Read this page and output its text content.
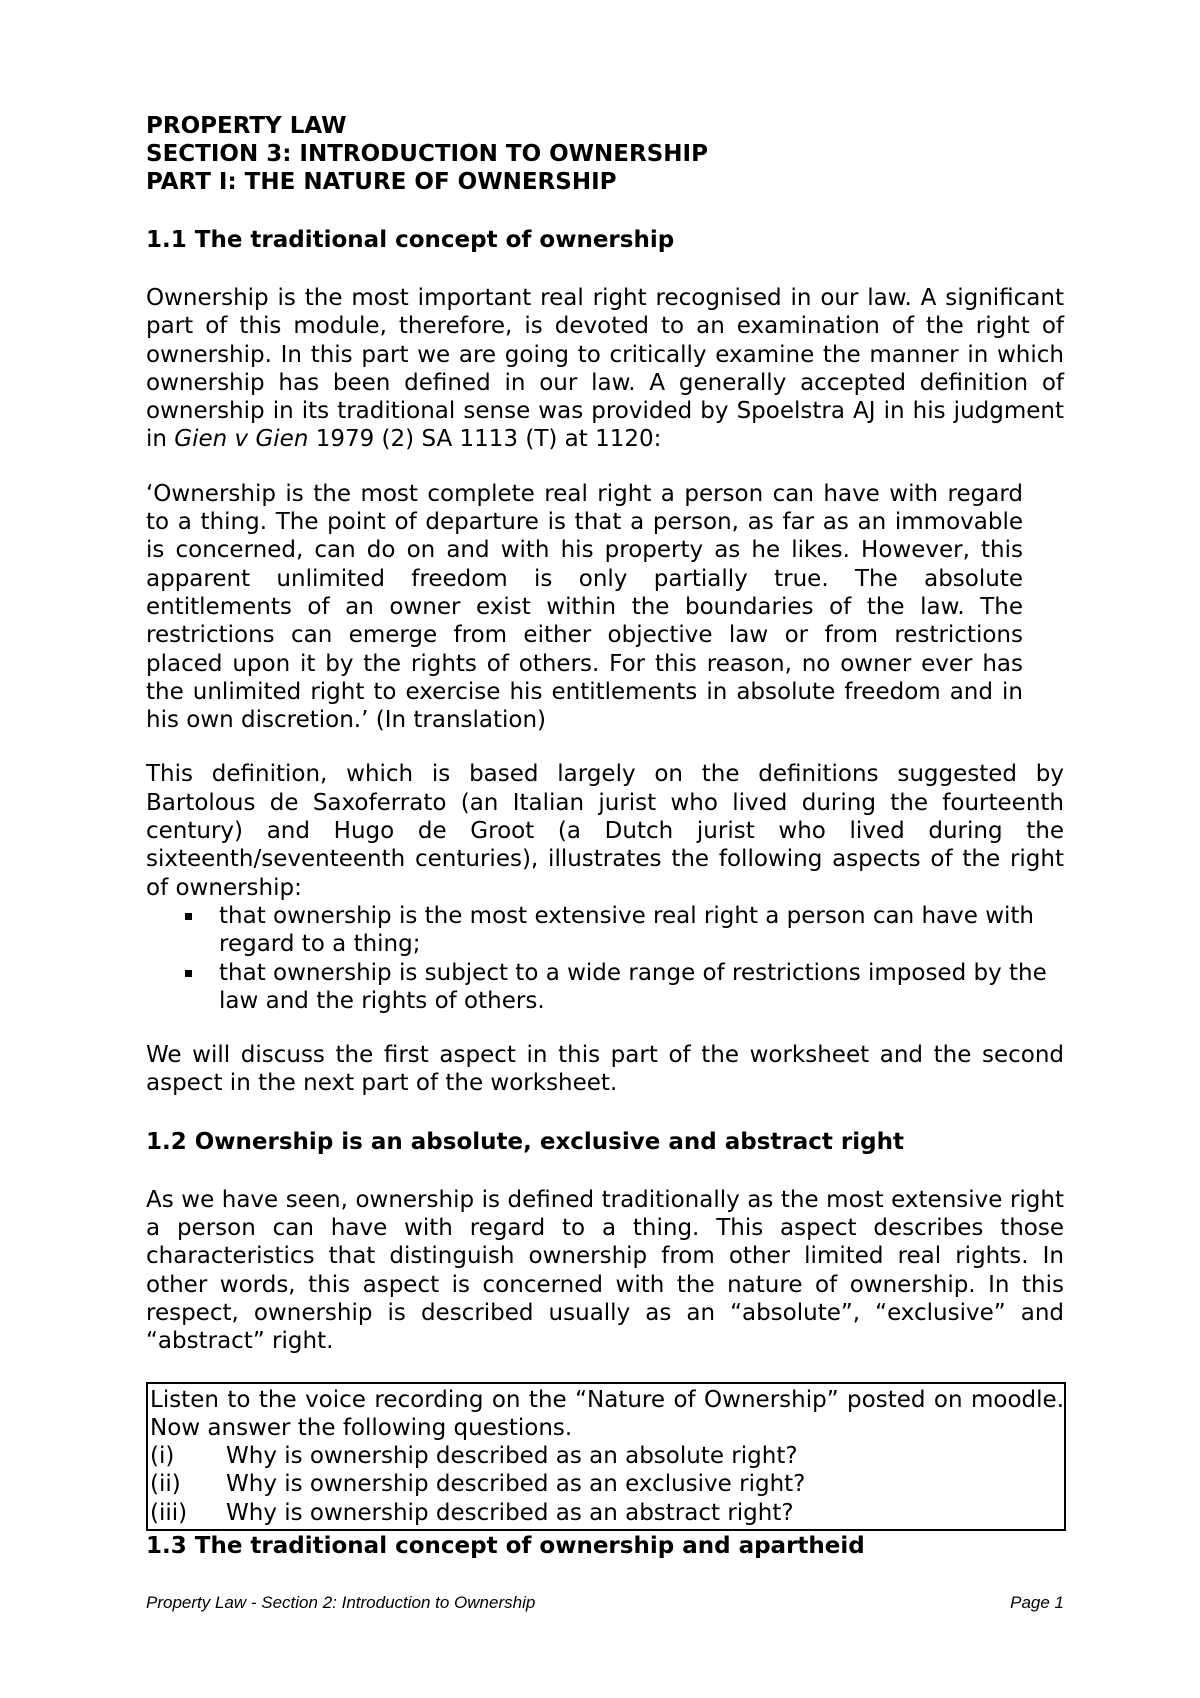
PROPERTY LAW
SECTION 3: INTRODUCTION TO OWNERSHIP
PART I: THE NATURE OF OWNERSHIP
1.1 The traditional concept of ownership

Ownership is the most important real right recognised in our law. A significant part of this module, therefore, is devoted to an examination of the right of ownership. In this part we are going to critically examine the manner in which ownership has been defined in our law. A generally accepted definition of ownership in its traditional sense was provided by Spoelstra AJ in his judgment in Gien v Gien 1979 (2) SA 1113 (T) at 1120:

‘Ownership is the most complete real right a person can have with regard to a thing. The point of departure is that a person, as far as an immovable is concerned, can do on and with his property as he likes. However, this apparent unlimited freedom is only partially true. The absolute entitlements of an owner exist within the boundaries of the law. The restrictions can emerge from either objective law or from restrictions placed upon it by the rights of others. For this reason, no owner ever has the unlimited right to exercise his entitlements in absolute freedom and in his own discretion.’ (In translation)

This definition, which is based largely on the definitions suggested by Bartolous de Saxoferrato (an Italian jurist who lived during the fourteenth century) and Hugo de Groot (a Dutch jurist who lived during the sixteenth/seventeenth centuries), illustrates the following aspects of the right of ownership:

that ownership is the most extensive real right a person can have with regard to a thing;
that ownership is subject to a wide range of restrictions imposed by the law and the rights of others.

We will discuss the first aspect in this part of the worksheet and the second aspect in the next part of the worksheet.

1.2 Ownership is an absolute, exclusive and abstract right

As we have seen, ownership is defined traditionally as the most extensive right a person can have with regard to a thing. This aspect describes those characteristics that distinguish ownership from other limited real rights. In other words, this aspect is concerned with the nature of ownership. In this respect, ownership is described usually as an “absolute”, “exclusive” and “abstract” right.

Listen to the voice recording on the “Nature of Ownership” posted on moodle. Now answer the following questions.

(i)	Why is ownership described as an absolute right?
(ii)	Why is ownership described as an exclusive right?
(iii)	Why is ownership described as an abstract right?
1.3 The traditional concept of ownership and apartheid
Property Law - Section 2: Introduction to Ownership	Page 1
